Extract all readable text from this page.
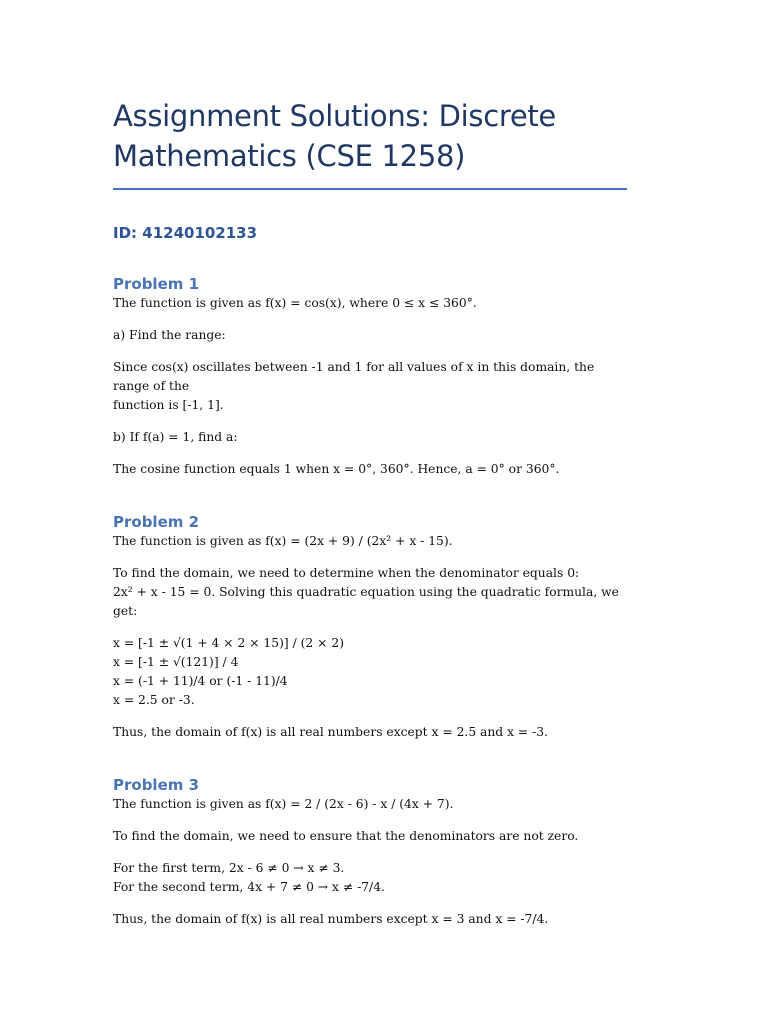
Assignment Solutions: Discrete
Mathematics (CSE 1258)

ID: 41240102133

Problem 1

The function is given as f(x) = cos(x), where 0 ≤ x ≤ 360°.

a) Find the range:

Since cos(x) oscillates between -1 and 1 for all values of x in this domain, the range of the

function is [-1, 1].

b) If f(a) = 1, find a:

The cosine function equals 1 when x = 0°, 360°. Hence, a = 0° or 360°.

Problem 2

The function is given as f(x) = (2x + 9) / (2x² + x - 15).

To find the domain, we need to determine when the denominator equals 0:

2x² + x - 15 = 0. Solving this quadratic equation using the quadratic formula, we get:

x = [-1 ± √(1 + 4 × 2 × 15)] / (2 × 2)

x = [-1 ± √(121)] / 4

x = (-1 + 11)/4 or (-1 - 11)/4

x = 2.5 or -3.

Thus, the domain of f(x) is all real numbers except x = 2.5 and x = -3.

Problem 3

The function is given as f(x) = 2 / (2x - 6) - x / (4x + 7).

To find the domain, we need to ensure that the denominators are not zero.

For the first term, 2x - 6 ≠ 0 → x ≠ 3.

For the second term, 4x + 7 ≠ 0 → x ≠ -7/4.

Thus, the domain of f(x) is all real numbers except x = 3 and x = -7/4.
